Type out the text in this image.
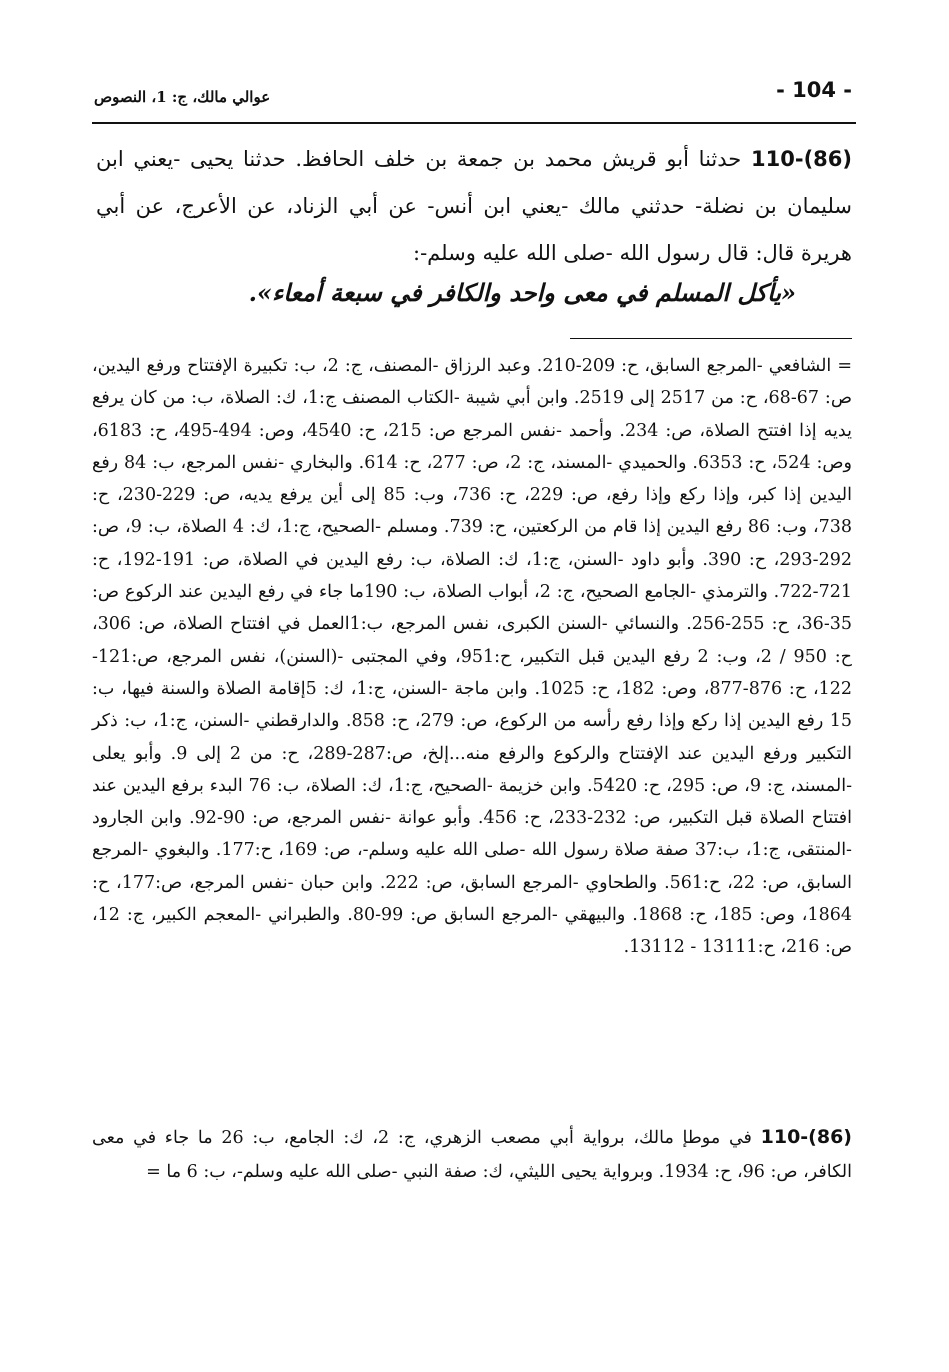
- 104 -
عوالي مالك، ج: 1، النصوص
110-(86) حدثنا أبو قريش محمد بن جمعة بن خلف الحافظ. حدثنا يحيى -يعني ابن سليمان بن نضلة- حدثني مالك -يعني ابن أنس- عن أبي الزناد، عن الأعرج، عن أبي هريرة قال: قال رسول الله -صلى الله عليه وسلم-:
«يأكل المسلم في معى واحد والكافر في سبعة أمعاء».
= الشافعي -المرجع السابق، ح: 209-210. وعبد الرزاق -المصنف، ج: 2، ب: تكبيرة الإفتتاح ورفع اليدين، ص: 67-68، ح: من 2517 إلى 2519. وابن أبي شيبة -الكتاب المصنف ج:1، ك: الصلاة، ب: من كان يرفع يديه إذا افتتح الصلاة، ص: 234. وأحمد -نفس المرجع ص: 215، ح: 4540، وص: 494-495، ح: 6183، وص: 524، ح: 6353. والحميدي -المسند، ج: 2، ص: 277، ح: 614. والبخاري -نفس المرجع، ب: 84 رفع اليدين إذا كبر، وإذا ركع وإذا رفع، ص: 229، ح: 736، وب: 85 إلى أين يرفع يديه، ص: 229-230، ح: 738، وب: 86 رفع اليدين إذا قام من الركعتين، ح: 739. ومسلم -الصحيح، ج:1، ك: 4 الصلاة، ب: 9، ص: 292-293، ح: 390. وأبو داود -السنن، ج:1، ك: الصلاة، ب: رفع اليدين في الصلاة، ص: 191-192، ح: 721-722. والترمذي -الجامع الصحيح، ج: 2، أبواب الصلاة، ب: 190ما جاء في رفع اليدين عند الركوع ص: 35-36، ح: 255-256. والنسائي -السنن الكبرى، نفس المرجع، ب:1العمل في افتتاح الصلاة، ص: 306، ح: 950 / 2، وب: 2 رفع اليدين قبل التكبير، ح:951، وفي المجتبى -(السنن)، نفس المرجع، ص:121-122، ح: 876-877، وص: 182، ح: 1025. وابن ماجة -السنن، ج:1، ك: 5إقامة الصلاة والسنة فيها، ب: 15 رفع اليدين إذا ركع وإذا رفع رأسه من الركوع، ص: 279، ح: 858. والدارقطني -السنن، ج:1، ب: ذكر التكبير ورفع اليدين عند الإفتتاح والركوع والرفع منه...إلخ، ص:287-289، ح: من 2 إلى 9. وأبو يعلى -المسند، ج: 9، ص: 295، ح: 5420. وابن خزيمة -الصحيح، ج:1، ك: الصلاة، ب: 76 البدء برفع اليدين عند افتتاح الصلاة قبل التكبير، ص: 232-233، ح: 456. وأبو عوانة -نفس المرجع، ص: 90-92. وابن الجارود -المنتقى، ج:1، ب:37 صفة صلاة رسول الله -صلى الله عليه وسلم-، ص: 169، ح:177. والبغوي -المرجع السابق، ص: 22، ح:561. والطحاوي -المرجع السابق، ص: 222. وابن حبان -نفس المرجع، ص:177، ح: 1864، وص: 185، ح: 1868. والبيهقي -المرجع السابق ص: 99-80. والطبراني -المعجم الكبير، ج: 12، ص: 216، ح:13111 - 13112.
110-(86) في موطإ مالك، برواية أبي مصعب الزهري، ج: 2، ك: الجامع، ب: 26 ما جاء في معى الكافر، ص: 96، ح: 1934. وبرواية يحيى الليثي، ك: صفة النبي -صلى الله عليه وسلم-، ب: 6 ما =
